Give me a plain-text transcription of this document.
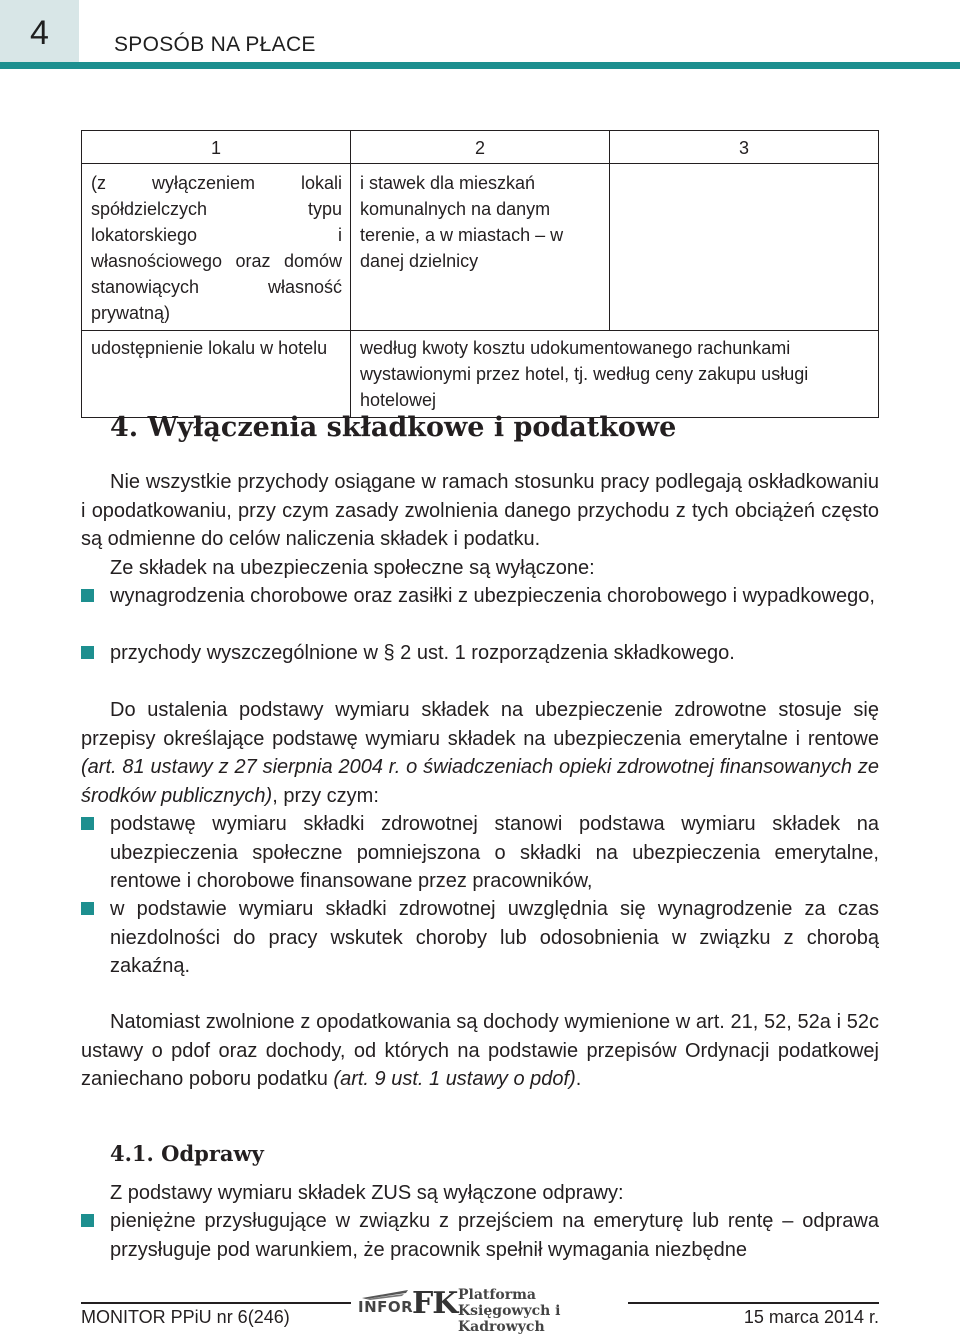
4	SPOSÓB NA PŁACE
1	2	3
(z wyłączeniem lokali spółdzielczych typu lokatorskiego i własnościowego oraz domów stanowiących własność prywatną)	i stawek dla mieszkań komunalnych na danym terenie, a w miastach – w danej dzielnicy	
udostępnienie lokalu w hotelu	według kwoty kosztu udokumentowanego rachunkami wystawionymi przez hotel, tj. według ceny zakupu usługi hotelowej	
4. Wyłączenia składkowe i podatkowe

Nie wszystkie przychody osiągane w ramach stosunku pracy podlegają oskładkowaniu i opodatkowaniu, przy czym zasady zwolnienia danego przychodu z tych obciążeń często są odmienne do celów naliczenia składek i podatku.

Ze składek na ubezpieczenia społeczne są wyłączone:

wynagrodzenia chorobowe oraz zasiłki z ubezpieczenia chorobowego i wypadkowego,
przychody wyszczególnione w § 2 ust. 1 rozporządzenia składkowego.

Do ustalenia podstawy wymiaru składek na ubezpieczenie zdrowotne stosuje się przepisy określające podstawę wymiaru składek na ubezpieczenia emerytalne i rentowe (art. 81 ustawy z 27 sierpnia 2004 r. o świadczeniach opieki zdrowotnej finansowanych ze środków publicznych), przy czym:

podstawę wymiaru składki zdrowotnej stanowi podstawa wymiaru składek na ubezpieczenia społeczne pomniejszona o składki na ubezpieczenia emerytalne, rentowe i chorobowe finansowane przez pracowników,
w podstawie wymiaru składki zdrowotnej uwzględnia się wynagrodzenie za czas niezdolności do pracy wskutek choroby lub odosobnienia w związku z chorobą zakaźną.

Natomiast zwolnione z opodatkowania są dochody wymienione w art. 21, 52, 52a i 52c ustawy o pdof oraz dochody, od których na podstawie przepisów Ordynacji podatkowej zaniechano poboru podatku (art. 9 ust. 1 ustawy o pdof).

4.1. Odprawy

Z podstawy wymiaru składek ZUS są wyłączone odprawy:

pieniężne przysługujące w związku z przejściem na emeryturę lub rentę – odprawa przysługuje pod warunkiem, że pracownik spełnił wymagania niezbędne
MONITOR PPiU nr 6(246)	15 marca 2014 r.
INFOR
FK Platforma
Księgowych i Kadrowych
